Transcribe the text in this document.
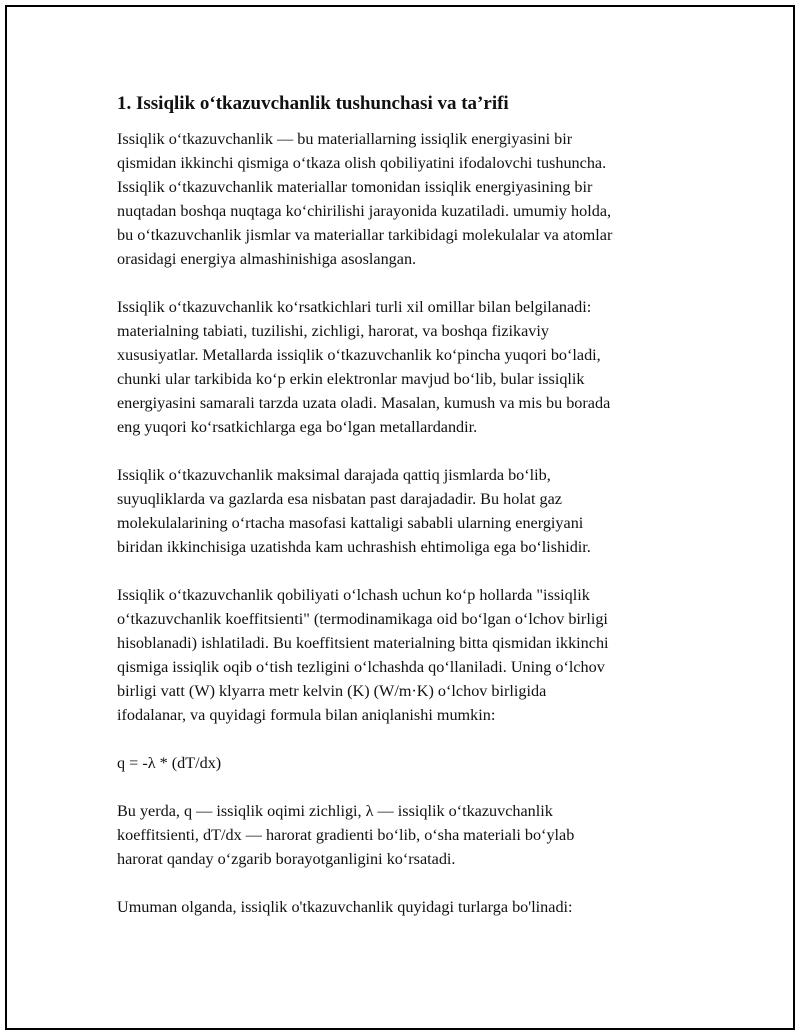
1. Issiqlik o‘tkazuvchanlik tushunchasi va ta’rifi

Issiqlik o‘tkazuvchanlik — bu materiallarning issiqlik energiyasini bir
qismidan ikkinchi qismiga o‘tkaza olish qobiliyatini ifodalovchi tushuncha.
Issiqlik o‘tkazuvchanlik materiallar tomonidan issiqlik energiyasining bir
nuqtadan boshqa nuqtaga ko‘chirilishi jarayonida kuzatiladi. umumiy holda,
bu o‘tkazuvchanlik jismlar va materiallar tarkibidagi molekulalar va atomlar
orasidagi energiya almashinishiga asoslangan.

Issiqlik o‘tkazuvchanlik ko‘rsatkichlari turli xil omillar bilan belgilanadi:
materialning tabiati, tuzilishi, zichligi, harorat, va boshqa fizikaviy
xususiyatlar. Metallarda issiqlik o‘tkazuvchanlik ko‘pincha yuqori bo‘ladi,
chunki ular tarkibida ko‘p erkin elektronlar mavjud bo‘lib, bular issiqlik
energiyasini samarali tarzda uzata oladi. Masalan, kumush va mis bu borada
eng yuqori ko‘rsatkichlarga ega bo‘lgan metallardandir.

Issiqlik o‘tkazuvchanlik maksimal darajada qattiq jismlarda bo‘lib,
suyuqliklarda va gazlarda esa nisbatan past darajadadir. Bu holat gaz
molekulalarining o‘rtacha masofasi kattaligi sababli ularning energiyani
biridan ikkinchisiga uzatishda kam uchrashish ehtimoliga ega bo‘lishidir.

Issiqlik o‘tkazuvchanlik qobiliyati o‘lchash uchun ko‘p hollarda "issiqlik
o‘tkazuvchanlik koeffitsienti" (termodinamikaga oid bo‘lgan o‘lchov birligi
hisoblanadi) ishlatiladi. Bu koeffitsient materialning bitta qismidan ikkinchi
qismiga issiqlik oqib o‘tish tezligini o‘lchashda qo‘llaniladi. Uning o‘lchov
birligi vatt (W) klyarra metr kelvin (K) (W/m·K) o‘lchov birligida
ifodalanar, va quyidagi formula bilan aniqlanishi mumkin:

q = -λ * (dT/dx)

Bu yerda, q — issiqlik oqimi zichligi, λ — issiqlik o‘tkazuvchanlik
koeffitsienti, dT/dx — harorat gradienti bo‘lib, o‘sha materiali bo‘ylab
harorat qanday o‘zgarib borayotganligini ko‘rsatadi.

Umuman olganda, issiqlik o'tkazuvchanlik quyidagi turlarga bo'linadi:
